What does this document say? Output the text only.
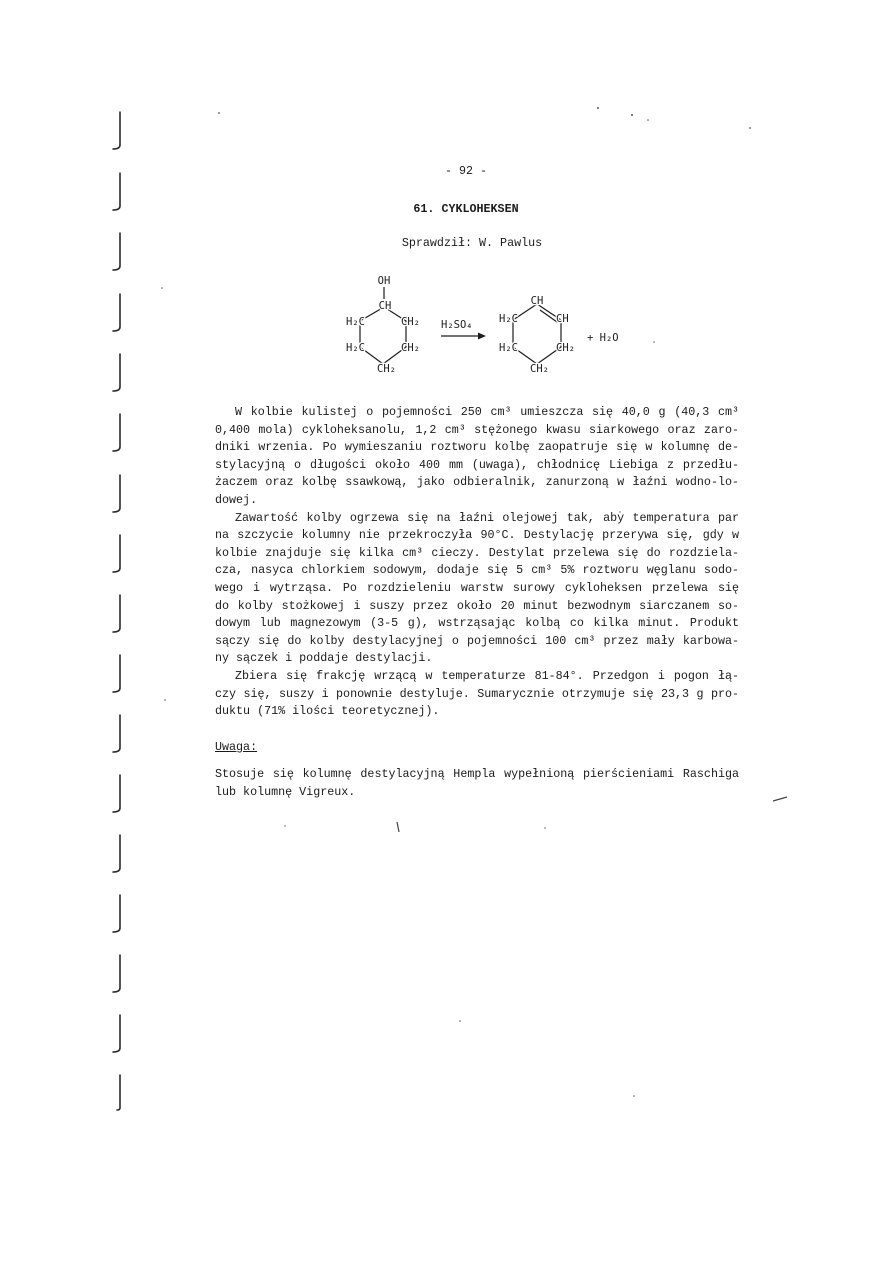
- 92 -
61. CYKLOHEKSEN
Sprawdził: W. Pawlus
OH
CH
H₂C	CH₂
H₂C	CH₂
CH₂
H₂SO₄
CH
H₂C	CH
H₂C	CH₂
CH₂
+ H₂O
W kolbie kulistej o pojemności 250 cm³ umieszcza się 40,0 g (40,3 cm³
0,400 mola) cykloheksanolu, 1,2 cm³ stężonego kwasu siarkowego oraz zaro-
dniki wrzenia. Po wymieszaniu roztworu kolbę zaopatruje się w kolumnę de-
stylacyjną o długości około 400 mm (uwaga), chłodnicę Liebiga z przedłu-
żaczem oraz kolbę ssawkową, jako odbieralnik, zanurzoną w łaźni wodno-lo-
dowej.
Zawartość kolby ogrzewa się na łaźni olejowej tak, aby temperatura par
na szczycie kolumny nie przekroczyła 90°C. Destylację przerywa się, gdy w
kolbie znajduje się kilka cm³ cieczy. Destylat przelewa się do rozdziela-
cza, nasyca chlorkiem sodowym, dodaje się 5 cm³ 5% roztworu węglanu sodo-
wego i wytrząsa. Po rozdzieleniu warstw surowy cykloheksen przelewa się
do kolby stożkowej i suszy przez około 20 minut bezwodnym siarczanem so-
dowym lub magnezowym (3-5 g), wstrząsając kolbą co kilka minut. Produkt
sączy się do kolby destylacyjnej o pojemności 100 cm³ przez mały karbowa-
ny sączek i poddaje destylacji.
Zbiera się frakcję wrzącą w temperaturze 81-84°. Przedgon i pogon łą-
czy się, suszy i ponownie destyluje. Sumarycznie otrzymuje się 23,3 g pro-
duktu (71% ilości teoretycznej).
Uwaga:
Stosuje się kolumnę destylacyjną Hempla wypełnioną pierścieniami Raschiga
lub kolumnę Vigreux.
